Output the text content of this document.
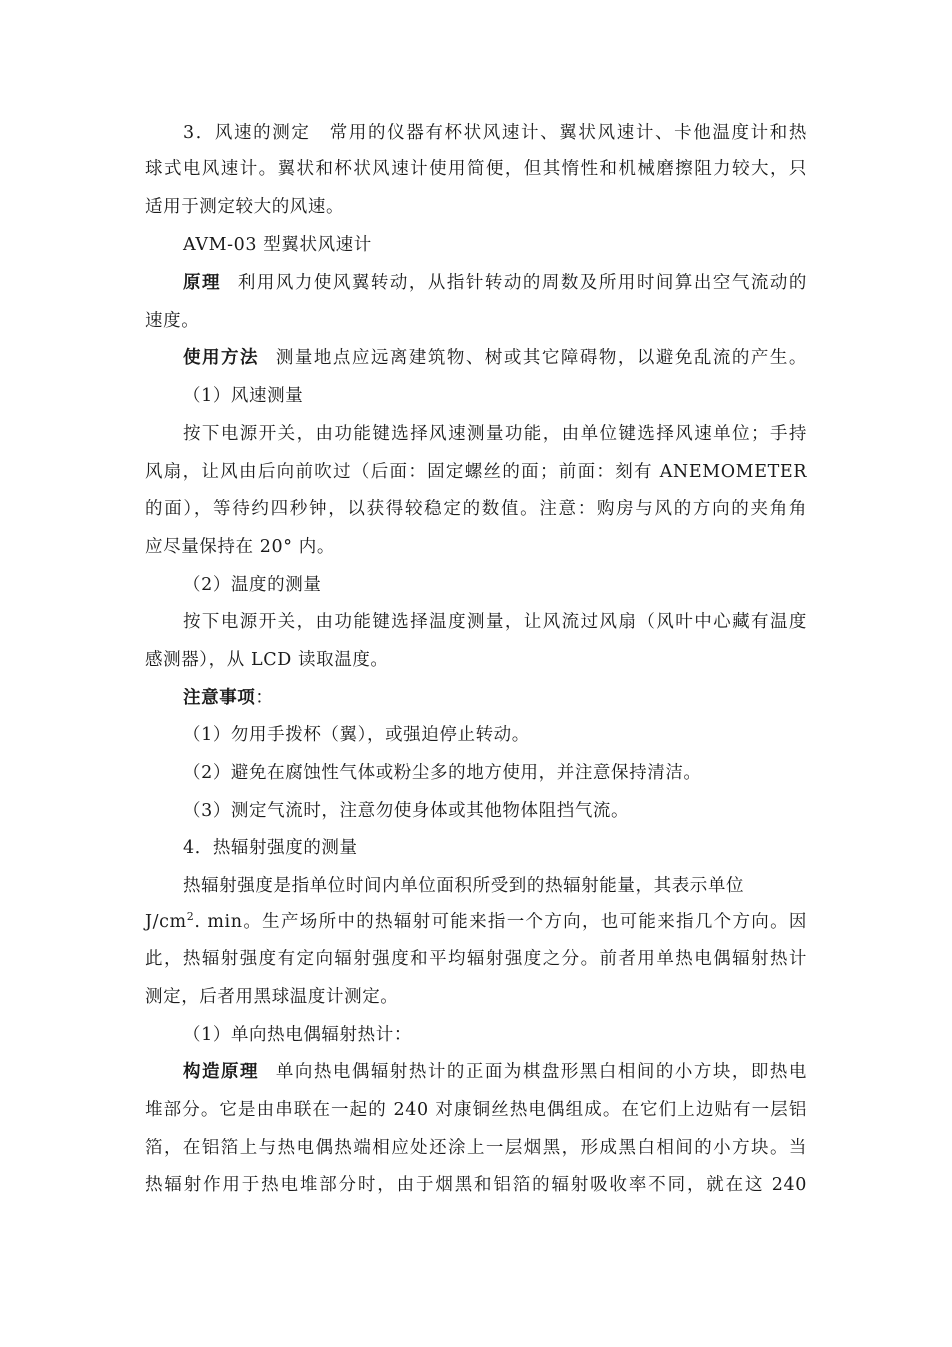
3．风速的测定　常用的仪器有杯状风速计、翼状风速计、卡他温度计和热
球式电风速计。翼状和杯状风速计使用简便，但其惰性和机械磨擦阻力较大，只
适用于测定较大的风速。
AVM-03 型翼状风速计
原理 利用风力使风翼转动，从指针转动的周数及所用时间算出空气流动的
速度。
使用方法 测量地点应远离建筑物、树或其它障碍物，以避免乱流的产生。
（1）风速测量
按下电源开关，由功能键选择风速测量功能，由单位键选择风速单位；手持
风扇，让风由后向前吹过（后面：固定螺丝的面；前面：刻有 ANEMOMETER
的面），等待约四秒钟，以获得较稳定的数值。注意：购房与风的方向的夹角角
应尽量保持在 20° 内。
（2）温度的测量
按下电源开关，由功能键选择温度测量，让风流过风扇（风叶中心藏有温度
感测器），从 LCD 读取温度。
注意事项：
（1）勿用手拨杯（翼），或强迫停止转动。
（2）避免在腐蚀性气体或粉尘多的地方使用，并注意保持清洁。
（3）测定气流时，注意勿使身体或其他物体阻挡气流。
4．热辐射强度的测量
热辐射强度是指单位时间内单位面积所受到的热辐射能量，其表示单位
$J/cm^2$. min。生产场所中的热辐射可能来指一个方向，也可能来指几个方向。因
此，热辐射强度有定向辐射强度和平均辐射强度之分。前者用单热电偶辐射热计
测定，后者用黑球温度计测定。
（1）单向热电偶辐射热计：
构造原理 单向热电偶辐射热计的正面为棋盘形黑白相间的小方块，即热电
堆部分。它是由串联在一起的 240 对康铜丝热电偶组成。在它们上边贴有一层铝
箔，在铝箔上与热电偶热端相应处还涂上一层烟黑，形成黑白相间的小方块。当
热辐射作用于热电堆部分时，由于烟黑和铝箔的辐射吸收率不同，就在这 240
